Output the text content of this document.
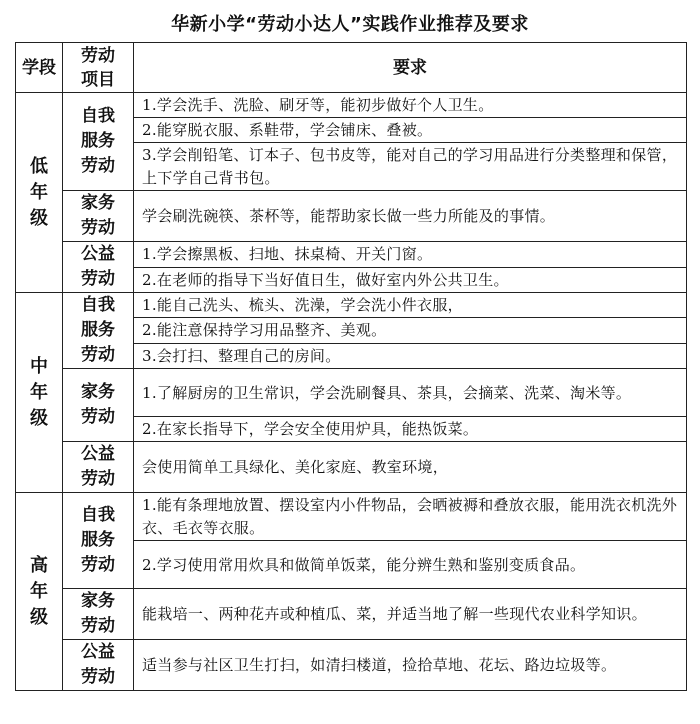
华新小学“劳动小达人”实践作业推荐及要求
学段	劳动项目	要求
低年级	自我服务劳动	1.学会洗手、洗脸、刷牙等，能初步做好个人卫生。
		2.能穿脱衣服、系鞋带，学会铺床、叠被。
		3.学会削铅笔、订本子、包书皮等，能对自己的学习用品进行分类整理和保管，上下学自己背书包。

	家务劳动	学会刷洗碗筷、茶杯等，能帮助家长做一些力所能及的事情。
	公益劳动	1.学会擦黑板、扫地、抹桌椅、开关门窗。
		2.在老师的指导下当好值日生，做好室内外公共卫生。

中年级	自我服务劳动	1.能自己洗头、梳头、洗澡，学会洗小件衣服，
		2.能注意保持学习用品整齐、美观。
		3.会打扫、整理自己的房间。
	家务劳动	1.了解厨房的卫生常识，学会洗刷餐具、茶具，会摘菜、洗菜、淘米等。
		2.在家长指导下，学会安全使用炉具，能热饭菜。
	公益劳动	会使用简单工具绿化、美化家庭、教室环境，
高年级	自我服务劳动	1.能有条理地放置、摆设室内小件物品，会晒被褥和叠放衣服，能用洗衣机洗外衣、毛衣等衣服。
		2.学习使用常用炊具和做简单饭菜，能分辨生熟和鉴别变质食品。
	家务劳动	能栽培一、两种花卉或种植瓜、菜，并适当地了解一些现代农业科学知识。
	公益劳动	适当参与社区卫生打扫，如清扫楼道，捡拾草地、花坛、路边垃圾等。
